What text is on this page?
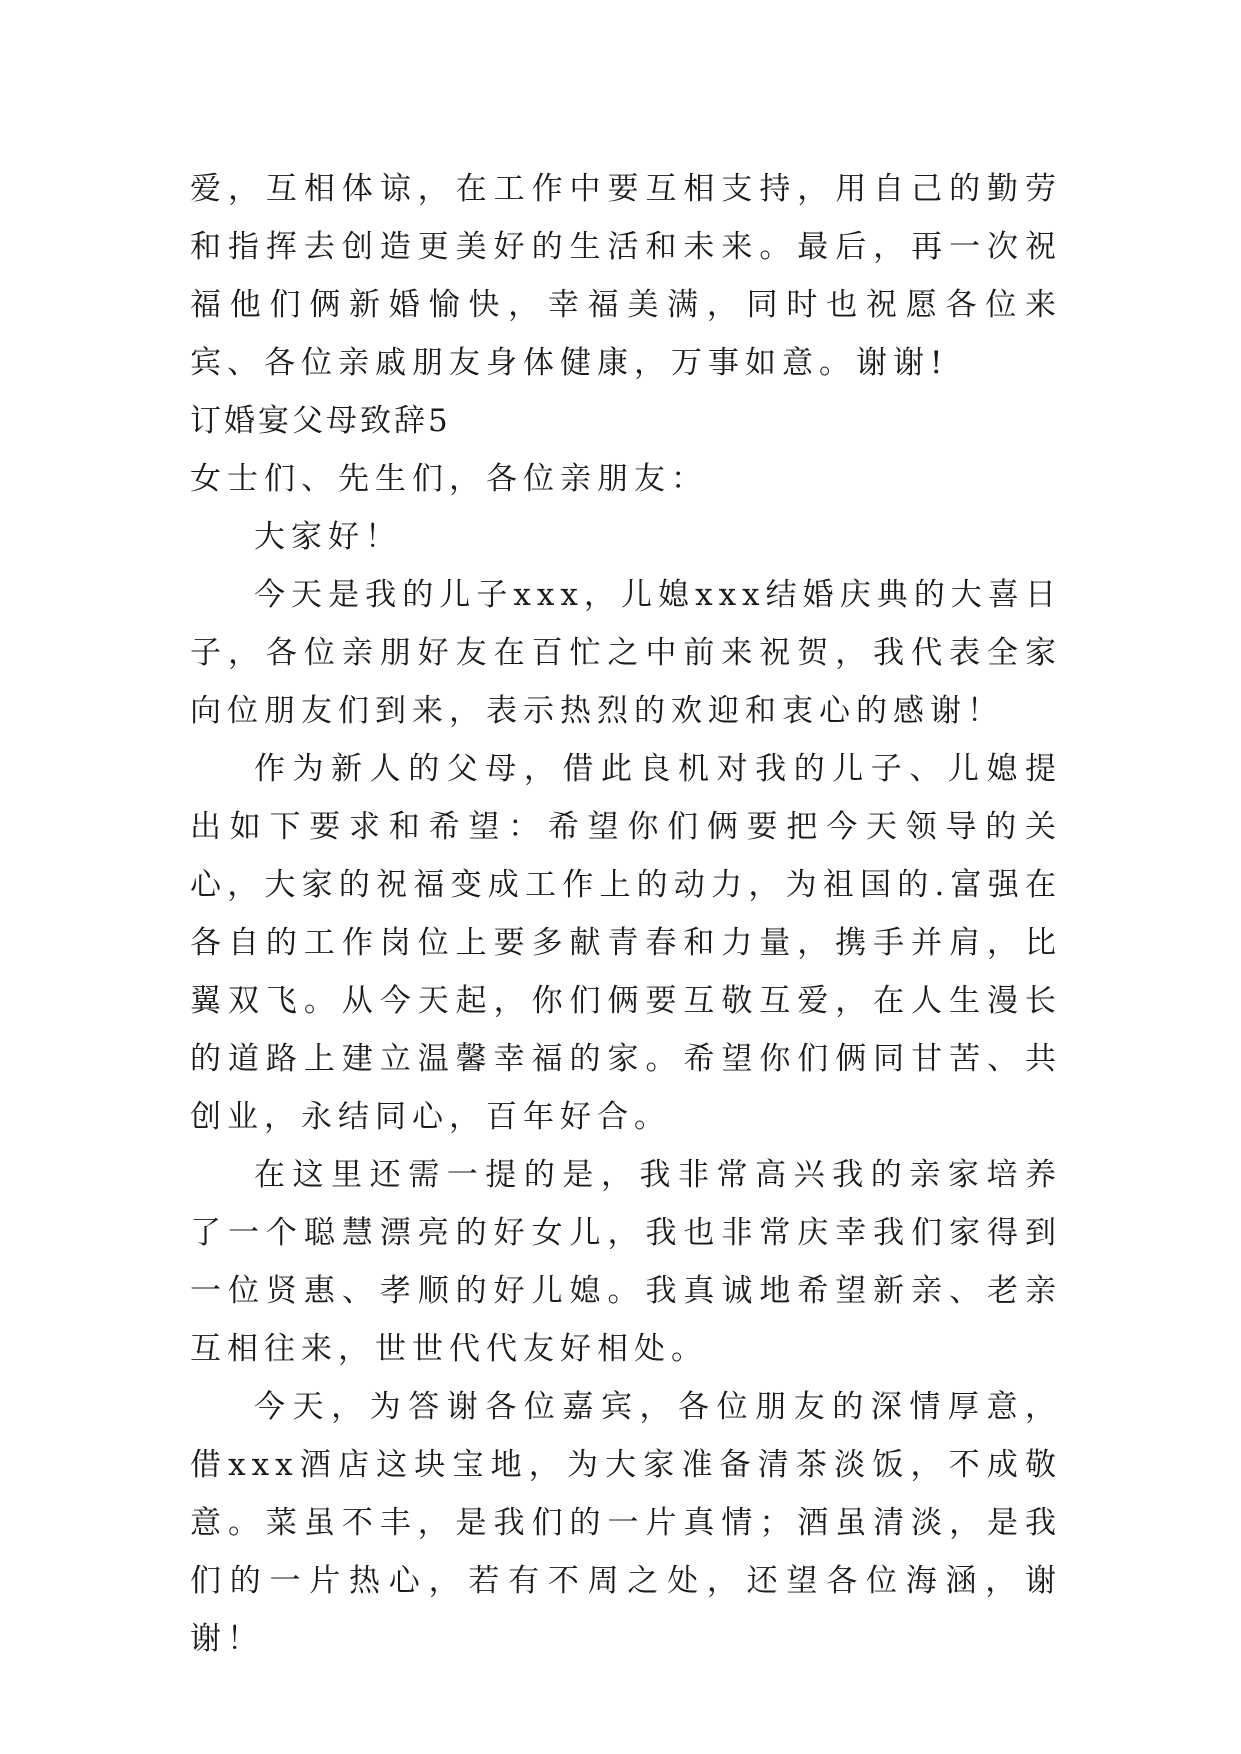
爱，互相体谅，在工作中要互相支持，用自己的勤劳和指挥去创造更美好的生活和未来。最后，再一次祝福他们俩新婚愉快，幸福美满，同时也祝愿各位来宾、各位亲戚朋友身体健康，万事如意。谢谢!

订婚宴父母致辞5

女士们、先生们，各位亲朋友：

大家好！

今天是我的儿子xxx，儿媳xxx结婚庆典的大喜日子，各位亲朋好友在百忙之中前来祝贺，我代表全家向位朋友们到来，表示热烈的欢迎和衷心的感谢！

作为新人的父母，借此良机对我的儿子、儿媳提出如下要求和希望：希望你们俩要把今天领导的关心，大家的祝福变成工作上的动力，为祖国的.富强在各自的工作岗位上要多献青春和力量，携手并肩，比翼双飞。从今天起，你们俩要互敬互爱，在人生漫长的道路上建立温馨幸福的家。希望你们俩同甘苦、共创业，永结同心，百年好合。

在这里还需一提的是，我非常高兴我的亲家培养了一个聪慧漂亮的好女儿，我也非常庆幸我们家得到一位贤惠、孝顺的好儿媳。我真诚地希望新亲、老亲互相往来，世世代代友好相处。

今天，为答谢各位嘉宾，各位朋友的深情厚意，借xxx酒店这块宝地，为大家准备清茶淡饭，不成敬意。菜虽不丰，是我们的一片真情；酒虽清淡，是我们的一片热心，若有不周之处，还望各位海涵，谢谢！
